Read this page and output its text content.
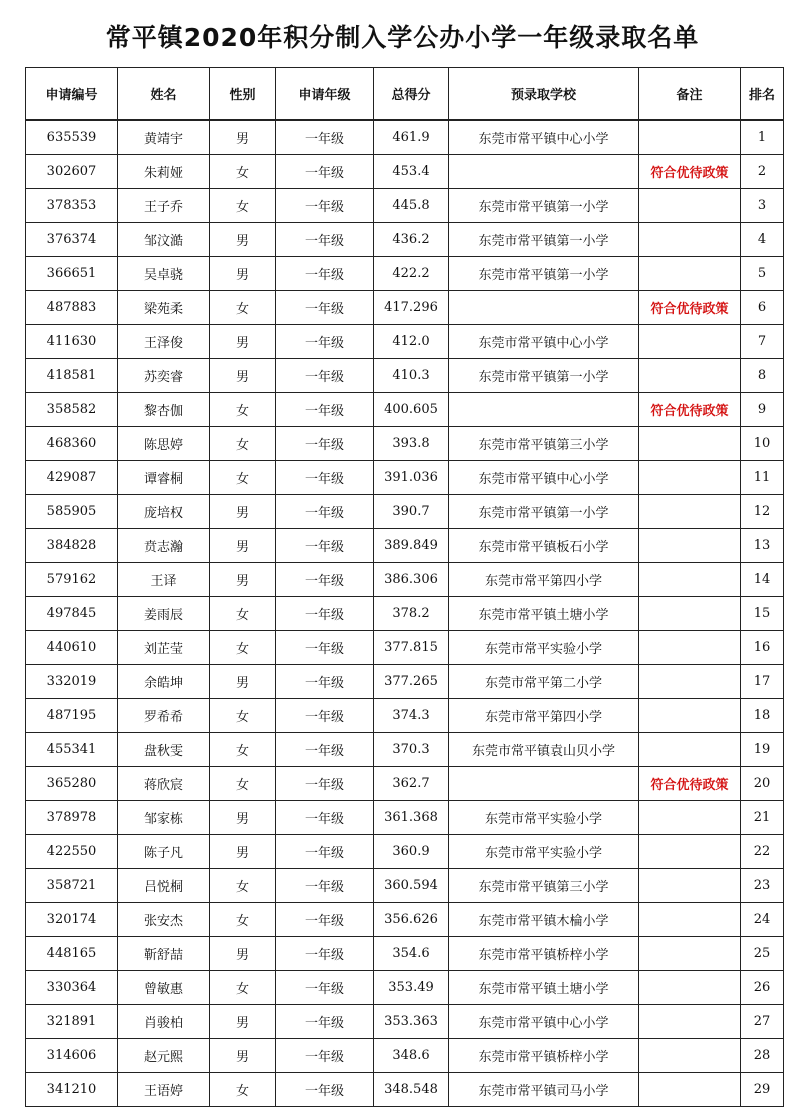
常平镇2020年积分制入学公办小学一年级录取名单
申请编号	姓名	性别	申请年级	总得分	预录取学校	备注	排名
635539	黄靖宇	男	一年级	461.9	东莞市常平镇中心小学		1
302607	朱莉娅	女	一年级	453.4		符合优待政策	2
378353	王子乔	女	一年级	445.8	东莞市常平镇第一小学		3
376374	邹汶澔	男	一年级	436.2	东莞市常平镇第一小学		4
366651	吴卓骁	男	一年级	422.2	东莞市常平镇第一小学		5
487883	梁苑柔	女	一年级	417.296		符合优待政策	6
411630	王泽俊	男	一年级	412.0	东莞市常平镇中心小学		7
418581	苏奕睿	男	一年级	410.3	东莞市常平镇第一小学		8
358582	黎杏伽	女	一年级	400.605		符合优待政策	9
468360	陈思婷	女	一年级	393.8	东莞市常平镇第三小学		10
429087	谭睿桐	女	一年级	391.036	东莞市常平镇中心小学		11
585905	庞培权	男	一年级	390.7	东莞市常平镇第一小学		12
384828	贲志瀚	男	一年级	389.849	东莞市常平镇板石小学		13
579162	王译	男	一年级	386.306	东莞市常平第四小学		14
497845	姜雨辰	女	一年级	378.2	东莞市常平镇土塘小学		15
440610	刘芷莹	女	一年级	377.815	东莞市常平实验小学		16
332019	余皓坤	男	一年级	377.265	东莞市常平第二小学		17
487195	罗希希	女	一年级	374.3	东莞市常平第四小学		18
455341	盘秋雯	女	一年级	370.3	东莞市常平镇袁山贝小学		19
365280	蒋欣宸	女	一年级	362.7		符合优待政策	20
378978	邹家栋	男	一年级	361.368	东莞市常平实验小学		21
422550	陈子凡	男	一年级	360.9	东莞市常平实验小学		22
358721	吕悦桐	女	一年级	360.594	东莞市常平镇第三小学		23
320174	张安杰	女	一年级	356.626	东莞市常平镇木棆小学		24
448165	靳舒喆	男	一年级	354.6	东莞市常平镇桥梓小学		25
330364	曾敏惠	女	一年级	353.49	东莞市常平镇土塘小学		26
321891	肖骏柏	男	一年级	353.363	东莞市常平镇中心小学		27
314606	赵元熙	男	一年级	348.6	东莞市常平镇桥梓小学		28
341210	王语婷	女	一年级	348.548	东莞市常平镇司马小学		29
